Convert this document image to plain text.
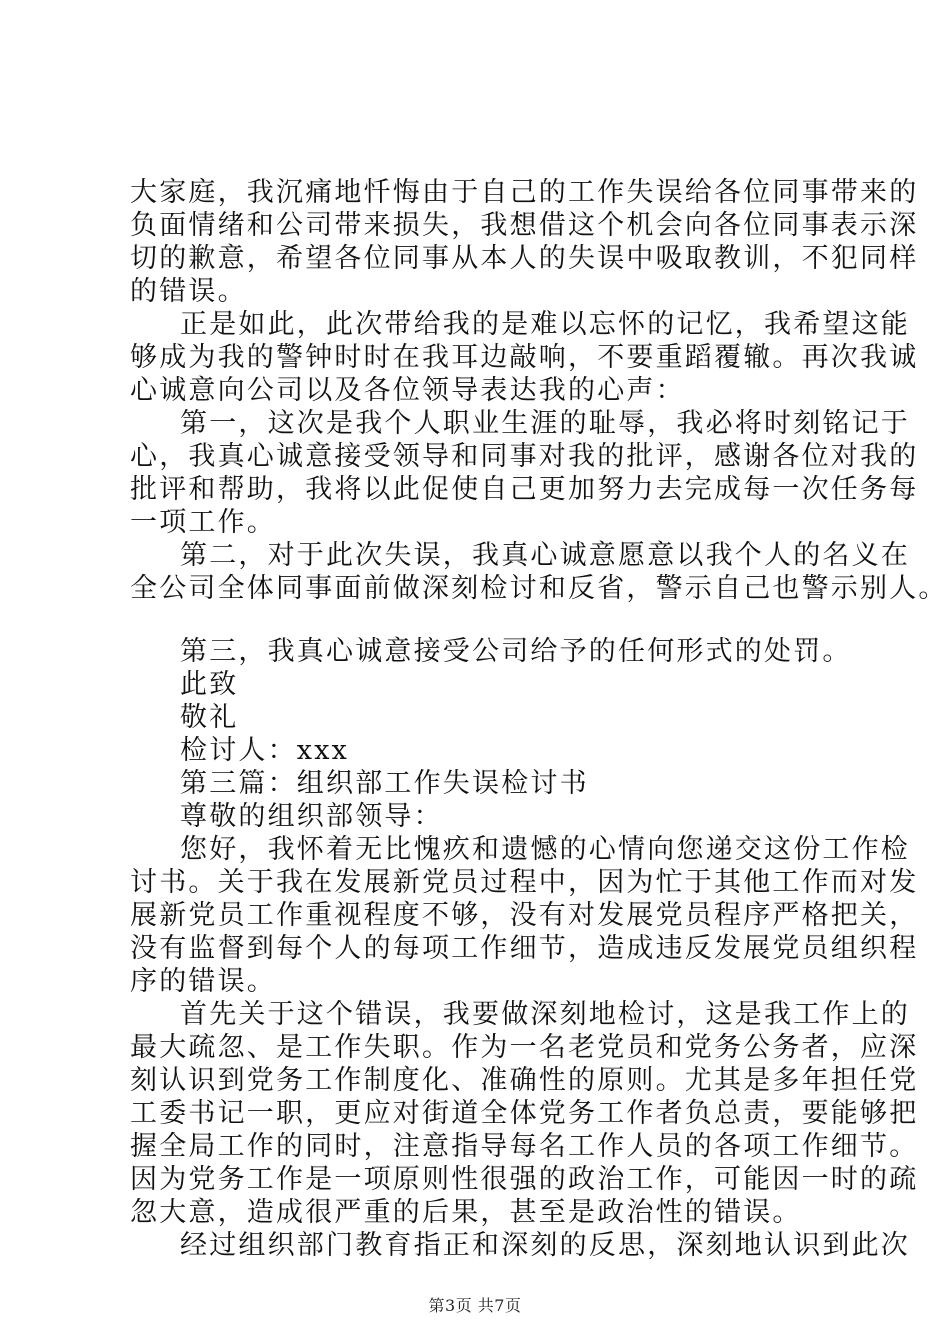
大家庭，我沉痛地忏悔由于自己的工作失误给各位同事带来的
负面情绪和公司带来损失，我想借这个机会向各位同事表示深
切的歉意，希望各位同事从本人的失误中吸取教训，不犯同样
的错误。
正是如此，此次带给我的是难以忘怀的记忆，我希望这能
够成为我的警钟时时在我耳边敲响，不要重蹈覆辙。再次我诚
心诚意向公司以及各位领导表达我的心声：
第一，这次是我个人职业生涯的耻辱，我必将时刻铭记于
心，我真心诚意接受领导和同事对我的批评，感谢各位对我的
批评和帮助，我将以此促使自己更加努力去完成每一次任务每
一项工作。
第二，对于此次失误，我真心诚意愿意以我个人的名义在
全公司全体同事面前做深刻检讨和反省，警示自己也警示别人。
第三，我真心诚意接受公司给予的任何形式的处罚。
此致
敬礼
检讨人：xxx
第三篇：组织部工作失误检讨书
尊敬的组织部领导：
您好，我怀着无比愧疚和遗憾的心情向您递交这份工作检
讨书。关于我在发展新党员过程中，因为忙于其他工作而对发
展新党员工作重视程度不够，没有对发展党员程序严格把关，
没有监督到每个人的每项工作细节，造成违反发展党员组织程
序的错误。
首先关于这个错误，我要做深刻地检讨，这是我工作上的
最大疏忽、是工作失职。作为一名老党员和党务公务者，应深
刻认识到党务工作制度化、准确性的原则。尤其是多年担任党
工委书记一职，更应对街道全体党务工作者负总责，要能够把
握全局工作的同时，注意指导每名工作人员的各项工作细节。
因为党务工作是一项原则性很强的政治工作，可能因一时的疏
忽大意，造成很严重的后果，甚至是政治性的错误。
经过组织部门教育指正和深刻的反思，深刻地认识到此次
第3页 共7页
